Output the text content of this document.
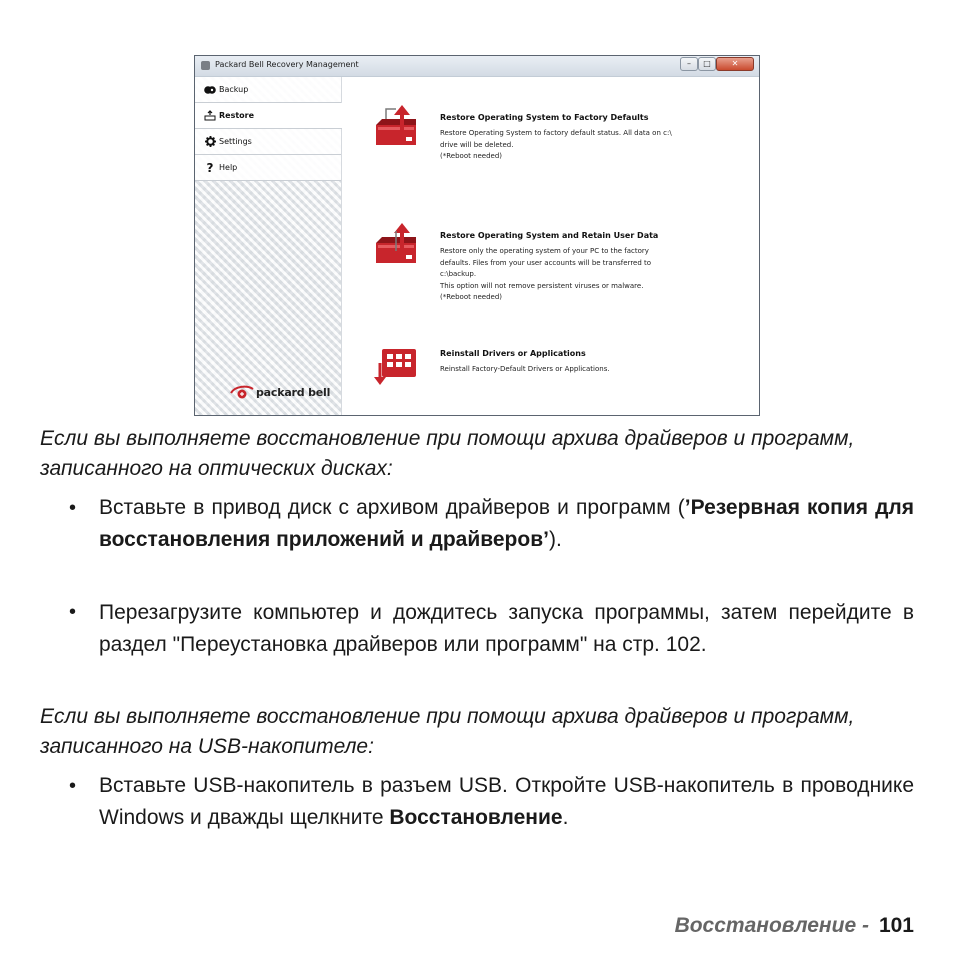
Packard Bell Recovery Management	–	□	✕
Backup
Restore
Settings
? Help
packard bell
Restore Operating System to Factory Defaults
Restore Operating System to factory default status. All data on c:\
drive will be deleted.
(*Reboot needed)
Restore Operating System and Retain User Data
Restore only the operating system of your PC to the factory
defaults. Files from your user accounts will be transferred to
c:\backup.
This option will not remove persistent viruses or malware.
(*Reboot needed)
Reinstall Drivers or Applications
Reinstall Factory-Default Drivers or Applications.
Если вы выполняете восстановление при помощи архива драйверов и программ, записанного на оптических дисках:
• Вставьте в привод диск с архивом драйверов и программ (’Резервная копия для восстановления приложений и драйверов’).
• Перезагрузите компьютер и дождитесь запуска программы, затем перейдите в раздел "Переустановка драйверов или программ" на стр. 102.
Если вы выполняете восстановление при помощи архива драйверов и программ, записанного на USB-накопителе:
• Вставьте USB-накопитель в разъем USB. Откройте USB-накопитель в проводнике Windows и дважды щелкните Восстановление.
Восстановление - 101
